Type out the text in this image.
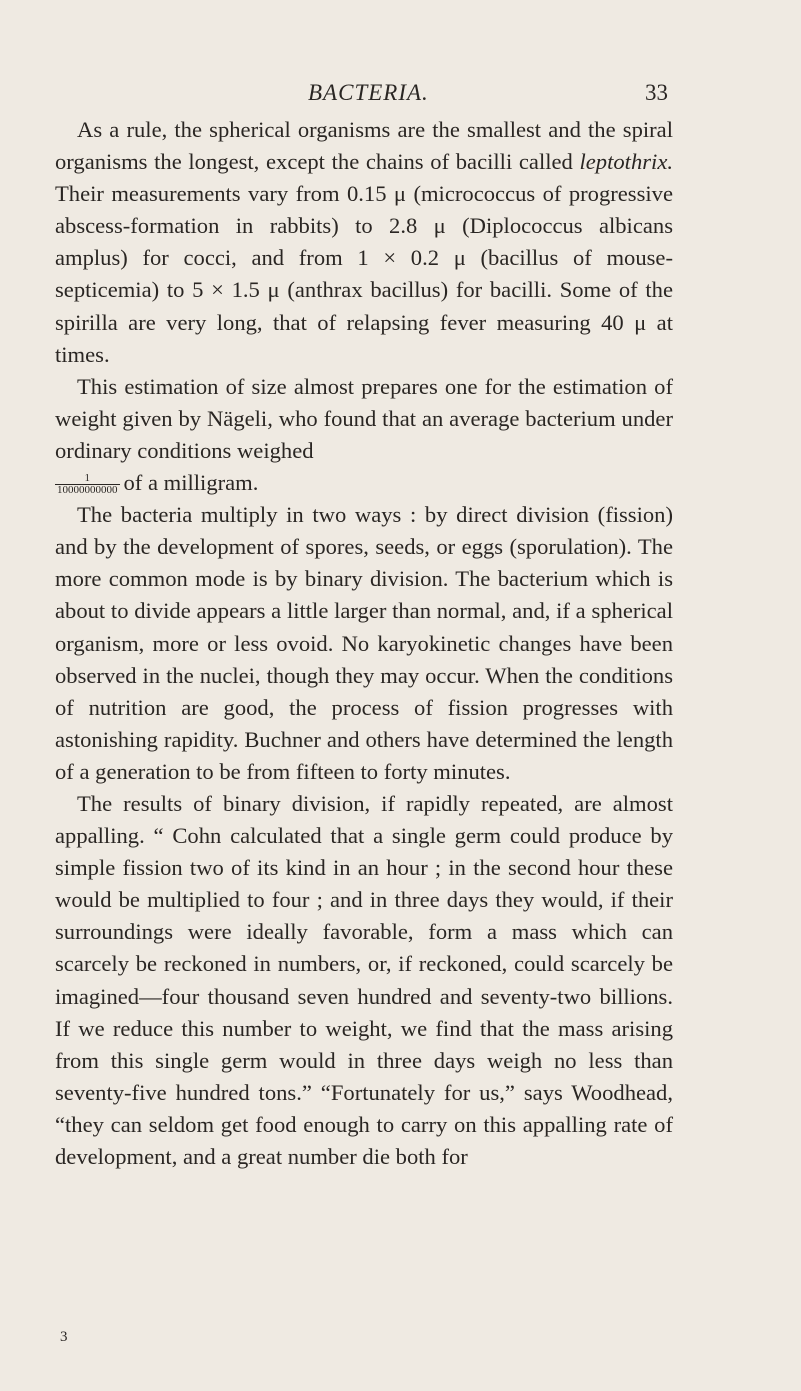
BACTERIA.	33

As a rule, the spherical organisms are the smallest and the spiral organisms the longest, except the chains of bacilli called leptothrix. Their measurements vary from 0.15 μ (micrococcus of progressive abscess-formation in rabbits) to 2.8 μ (Diplococcus albicans amplus) for cocci, and from 1 × 0.2 μ (bacillus of mouse-septicemia) to 5 × 1.5 μ (anthrax bacillus) for bacilli. Some of the spirilla are very long, that of relapsing fever measuring 40 μ at times.

This estimation of size almost prepares one for the estimation of weight given by Nägeli, who found that an average bacterium under ordinary conditions weighed

$\frac{1}{10000000000}$ of a milligram.

The bacteria multiply in two ways : by direct division (fission) and by the development of spores, seeds, or eggs (sporulation). The more common mode is by binary division. The bacterium which is about to divide appears a little larger than normal, and, if a spherical organism, more or less ovoid. No karyokinetic changes have been observed in the nuclei, though they may occur. When the conditions of nutrition are good, the process of fission progresses with astonishing rapidity. Buchner and others have determined the length of a generation to be from fifteen to forty minutes.

The results of binary division, if rapidly repeated, are almost appalling. “ Cohn calculated that a single germ could produce by simple fission two of its kind in an hour ; in the second hour these would be multiplied to four ; and in three days they would, if their surroundings were ideally favorable, form a mass which can scarcely be reckoned in numbers, or, if reckoned, could scarcely be imagined—four thousand seven hundred and seventy-two billions. If we reduce this number to weight, we find that the mass arising from this single germ would in three days weigh no less than seventy-five hundred tons.” “Fortunately for us,” says Woodhead, “they can seldom get food enough to carry on this appalling rate of development, and a great number die both for

3
